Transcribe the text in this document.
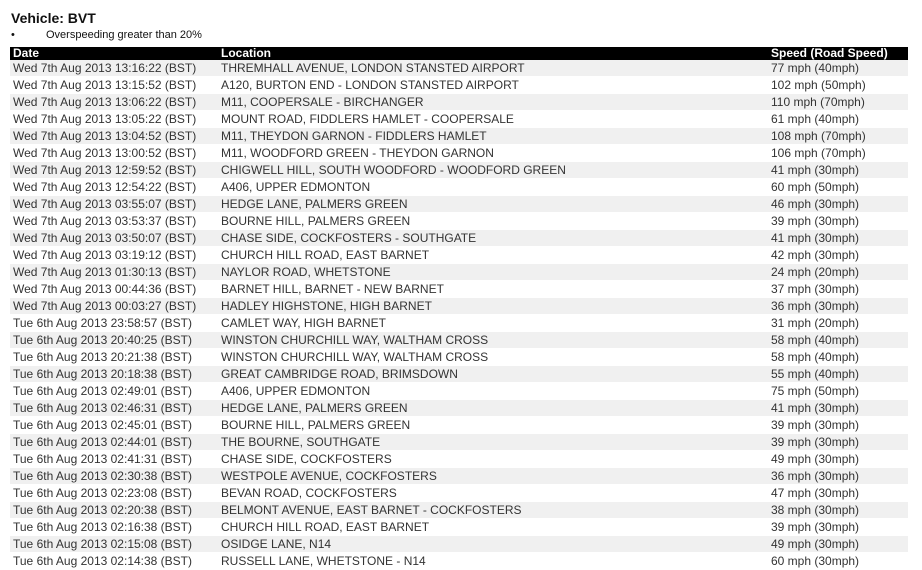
Vehicle: BVT
•	Overspeeding greater than 20%
Date	Location	Speed (Road Speed)
Wed 7th Aug 2013 13:16:22 (BST)	THREMHALL AVENUE, LONDON STANSTED AIRPORT	77 mph (40mph)
Wed 7th Aug 2013 13:15:52 (BST)	A120, BURTON END - LONDON STANSTED AIRPORT	102 mph (50mph)
Wed 7th Aug 2013 13:06:22 (BST)	M11, COOPERSALE - BIRCHANGER	110 mph (70mph)
Wed 7th Aug 2013 13:05:22 (BST)	MOUNT ROAD, FIDDLERS HAMLET - COOPERSALE	61 mph (40mph)
Wed 7th Aug 2013 13:04:52 (BST)	M11, THEYDON GARNON - FIDDLERS HAMLET	108 mph (70mph)
Wed 7th Aug 2013 13:00:52 (BST)	M11, WOODFORD GREEN - THEYDON GARNON	106 mph (70mph)
Wed 7th Aug 2013 12:59:52 (BST)	CHIGWELL HILL, SOUTH WOODFORD - WOODFORD GREEN	41 mph (30mph)
Wed 7th Aug 2013 12:54:22 (BST)	A406, UPPER EDMONTON	60 mph (50mph)
Wed 7th Aug 2013 03:55:07 (BST)	HEDGE LANE, PALMERS GREEN	46 mph (30mph)
Wed 7th Aug 2013 03:53:37 (BST)	BOURNE HILL, PALMERS GREEN	39 mph (30mph)
Wed 7th Aug 2013 03:50:07 (BST)	CHASE SIDE, COCKFOSTERS - SOUTHGATE	41 mph (30mph)
Wed 7th Aug 2013 03:19:12 (BST)	CHURCH HILL ROAD, EAST BARNET	42 mph (30mph)
Wed 7th Aug 2013 01:30:13 (BST)	NAYLOR ROAD, WHETSTONE	24 mph (20mph)
Wed 7th Aug 2013 00:44:36 (BST)	BARNET HILL, BARNET - NEW BARNET	37 mph (30mph)
Wed 7th Aug 2013 00:03:27 (BST)	HADLEY HIGHSTONE, HIGH BARNET	36 mph (30mph)
Tue 6th Aug 2013 23:58:57 (BST)	CAMLET WAY, HIGH BARNET	31 mph (20mph)
Tue 6th Aug 2013 20:40:25 (BST)	WINSTON CHURCHILL WAY, WALTHAM CROSS	58 mph (40mph)
Tue 6th Aug 2013 20:21:38 (BST)	WINSTON CHURCHILL WAY, WALTHAM CROSS	58 mph (40mph)
Tue 6th Aug 2013 20:18:38 (BST)	GREAT CAMBRIDGE ROAD, BRIMSDOWN	55 mph (40mph)
Tue 6th Aug 2013 02:49:01 (BST)	A406, UPPER EDMONTON	75 mph (50mph)
Tue 6th Aug 2013 02:46:31 (BST)	HEDGE LANE, PALMERS GREEN	41 mph (30mph)
Tue 6th Aug 2013 02:45:01 (BST)	BOURNE HILL, PALMERS GREEN	39 mph (30mph)
Tue 6th Aug 2013 02:44:01 (BST)	THE BOURNE, SOUTHGATE	39 mph (30mph)
Tue 6th Aug 2013 02:41:31 (BST)	CHASE SIDE, COCKFOSTERS	49 mph (30mph)
Tue 6th Aug 2013 02:30:38 (BST)	WESTPOLE AVENUE, COCKFOSTERS	36 mph (30mph)
Tue 6th Aug 2013 02:23:08 (BST)	BEVAN ROAD, COCKFOSTERS	47 mph (30mph)
Tue 6th Aug 2013 02:20:38 (BST)	BELMONT AVENUE, EAST BARNET - COCKFOSTERS	38 mph (30mph)
Tue 6th Aug 2013 02:16:38 (BST)	CHURCH HILL ROAD, EAST BARNET	39 mph (30mph)
Tue 6th Aug 2013 02:15:08 (BST)	OSIDGE LANE, N14	49 mph (30mph)
Tue 6th Aug 2013 02:14:38 (BST)	RUSSELL LANE, WHETSTONE - N14	60 mph (30mph)
